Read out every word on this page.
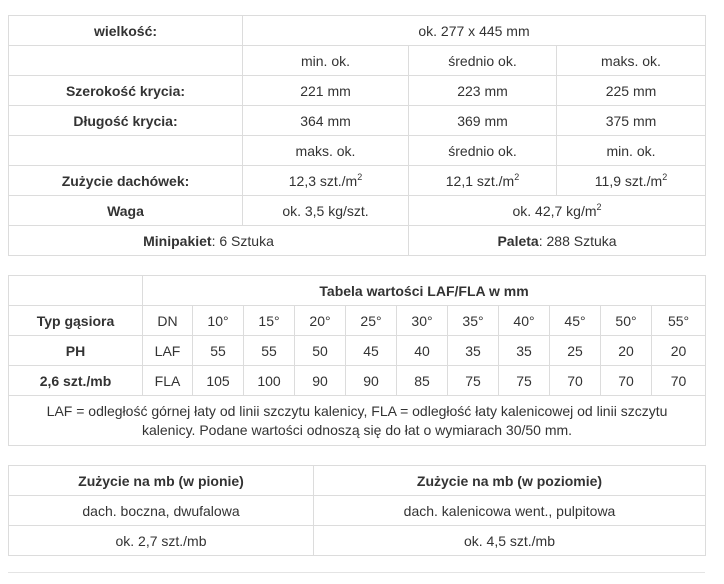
wielkość:	ok. 277 x 445 mm		
	min. ok.	średnio ok.	maks. ok.
Szerokość krycia:	221 mm	223 mm	225 mm
Długość krycia:	364 mm	369 mm	375 mm
	maks. ok.	średnio ok.	min. ok.
Zużycie dachówek:	12,3 $szt./m^2$	12,1 $szt./m^2$	11,9 $szt./m^2$
Waga	ok. 3,5 kg/szt.	ok. 42,7 $kg/m^2$
Minipakiet: 6 Sztuka		Paleta: 288 Sztuka	
	Tabela wartości LAF/FLA w mm										
Typ gąsiora	DN	10°	15°	20°	25°	30°	35°	40°	45°	50°	55°
PH	LAF	55	55	50	45	40	35	35	25	20	20
2,6 szt./mb	FLA	105	100	90	90	85	75	75	70	70	70
LAF = odległość górnej łaty od linii szczytu kalenicy, FLA = odległość łaty kalenicowej od linii szczytu kalenicy. Podane wartości odnoszą się do łat o wymiarach 30/50 mm.											
Zużycie na mb (w pionie)	Zużycie na mb (w poziomie)
dach. boczna, dwufalowa	dach. kalenicowa went., pulpitowa
ok. 2,7 szt./mb	ok. 4,5 szt./mb
